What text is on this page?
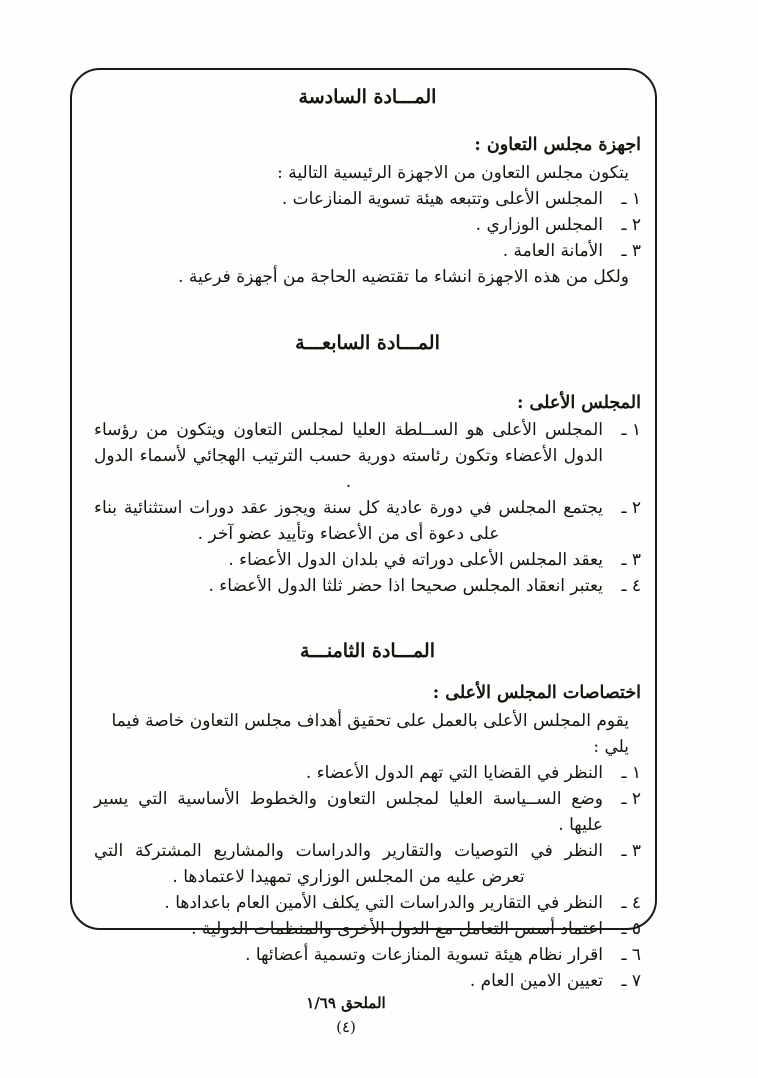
المـــادة السادسة

اجهزة مجلس التعاون :

يتكون مجلس التعاون من الاجهزة الرئيسية التالية :

١ ـ
المجلس الأعلى وتتبعه هيئة تسوية المنازعات .
٢ ـ
المجلس الوزاري .
٣ ـ
الأمانة العامة .

ولكل من هذه الاجهزة انشاء ما تقتضيه الحاجة من أجهزة فرعية .

المـــادة السابعـــة

المجلس الأعلى :

١ ـ
المجلس الأعلى هو الســلطة العليا لمجلس التعاون ويتكون من رؤساء الدول الأعضاء وتكون رئاسته دورية حسب الترتيب الهجائي لأسماء الدول .
٢ ـ
يجتمع المجلس في دورة عادية كل سنة ويجوز عقد دورات استثنائية بناء على دعوة أى من الأعضاء وتأييد عضو آخر .
٣ ـ
يعقد المجلس الأعلى دوراته في بلدان الدول الأعضاء .
٤ ـ
يعتبر انعقاد المجلس صحيحا اذا حضر ثلثا الدول الأعضاء .
المـــادة الثامنـــة

اختصاصات المجلس الأعلى :

يقوم المجلس الأعلى بالعمل على تحقيق أهداف مجلس التعاون خاصة فيما يلي :

١ ـ
النظر في القضايا التي تهم الدول الأعضاء .
٢ ـ
وضع الســياسة العليا لمجلس التعاون والخطوط الأساسية التي يسير عليها .
٣ ـ
النظر في التوصيات والتقارير والدراسات والمشاريع المشتركة التي تعرض عليه من المجلس الوزاري تمهيدا لاعتمادها .
٤ ـ
النظر في التقارير والدراسات التي يكلف الأمين العام باعدادها .
٥ ـ
اعتماد أسس التعامل مع الدول الأخرى والمنظمات الدولية .
٦ ـ
اقرار نظام هيئة تسوية المنازعات وتسمية أعضائها .
٧ ـ
تعيين الامين العام .
الملحق ١/٦٩
(٤)
